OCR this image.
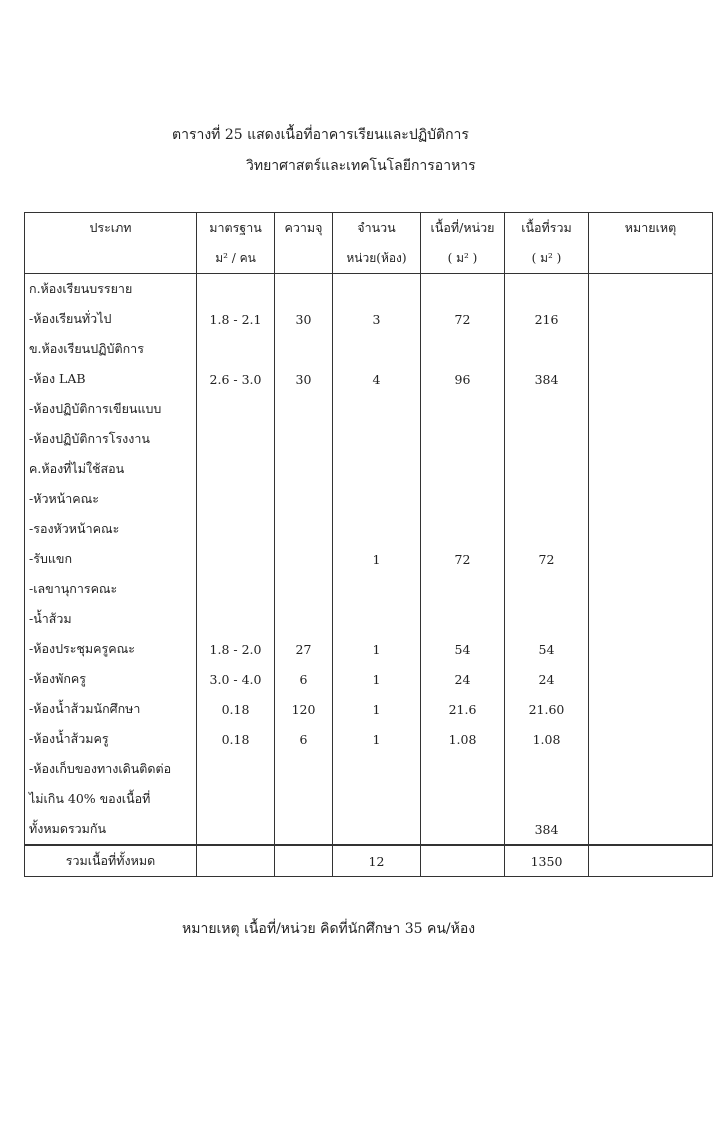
ตารางที่ 25 แสดงเนื้อที่อาคารเรียนและปฏิบัติการ
วิทยาศาสตร์และเทคโนโลยีการอาหาร
ประเภท	มาตรฐาน	ความจุ	จำนวน	เนื้อที่/หน่วย	เนื้อที่รวม	หมายเหตุ
	ม² / คน		หน่วย(ห้อง)	( ม² )	( ม² )	
ก.ห้องเรียนบรรยาย						
-ห้องเรียนทั่วไป	1.8 - 2.1	30	3	72	216	
ข.ห้องเรียนปฏิบัติการ						
-ห้อง LAB	2.6 - 3.0	30	4	96	384	
-ห้องปฏิบัติการเขียนแบบ						
-ห้องปฏิบัติการโรงงาน						
ค.ห้องที่ไม่ใช้สอน						
-หัวหน้าคณะ						
-รองหัวหน้าคณะ						
-รับแขก			1	72	72	
-เลขานุการคณะ						
-น้ำส้วม						
-ห้องประชุมครูคณะ	1.8 - 2.0	27	1	54	54	
-ห้องพักครู	3.0 - 4.0	6	1	24	24	
-ห้องน้ำส้วมนักศึกษา	0.18	120	1	21.6	21.60	
-ห้องน้ำส้วมครู	0.18	6	1	1.08	1.08	
-ห้องเก็บของทางเดินติดต่อ						
ไม่เกิน 40% ของเนื้อที่						
ทั้งหมดรวมกัน					384	
รวมเนื้อที่ทั้งหมด			12		1350	
หมายเหตุ เนื้อที่/หน่วย คิดที่นักศึกษา 35 คน/ห้อง
